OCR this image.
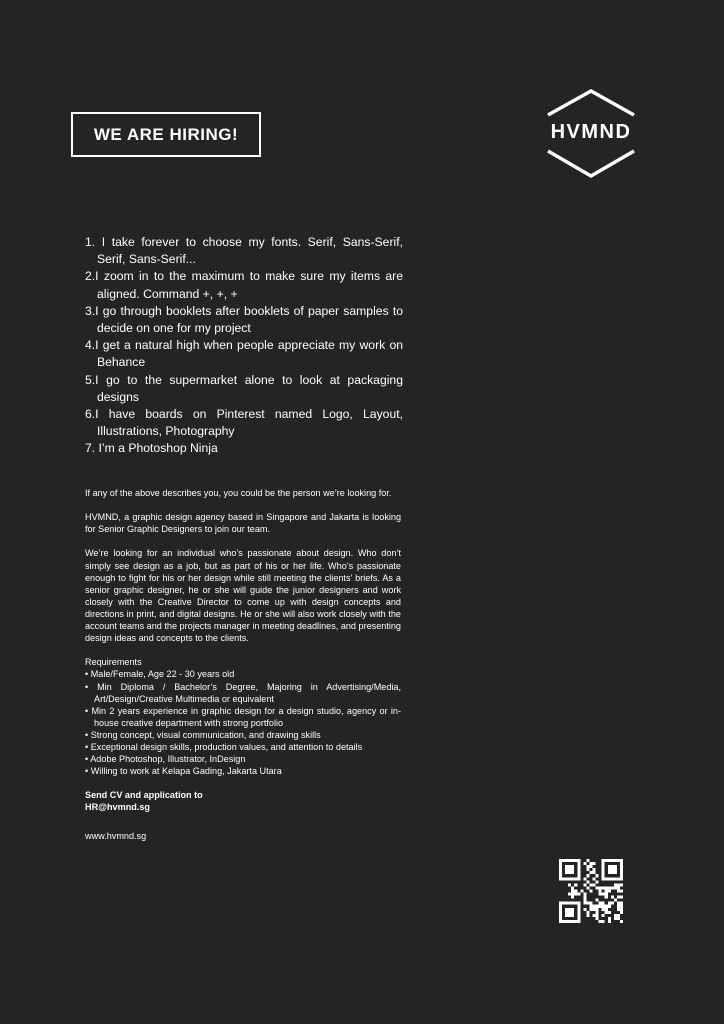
WE ARE HIRING!	HVMND
1. I take forever to choose my fonts. Serif, Sans-Serif, Serif, Sans-Serif...
2.I zoom in to the maximum to make sure my items are aligned. Command +, +, +
3.I go through booklets after booklets of paper samples to decide on one for my project
4.I get a natural high when people appreciate my work on Behance
5.I go to the supermarket alone to look at packaging designs
6.I have boards on Pinterest named Logo, Layout, Illustrations, Photography
7. I’m a Photoshop Ninja

If any of the above describes you, you could be the person we’re looking for.

HVMND, a graphic design agency based in Singapore and Jakarta is looking for Senior Graphic Designers to join our team.

We’re looking for an individual who’s passionate about design. Who don’t simply see design as a job, but as part of his or her life. Who’s passionate enough to fight for his or her design while still meeting the clients’ briefs. As a senior graphic designer, he or she will guide the junior designers and work closely with the Creative Director to come up with design concepts and directions in print, and digital designs. He or she will also work closely with the account teams and the projects manager in meeting deadlines, and presenting design ideas and concepts to the clients.

Requirements
• Male/Female, Age 22 - 30 years old
• Min Diploma / Bachelor’s Degree, Majoring in Advertising/Media, Art/Design/Creative Multimedia or equivalent
• Min 2 years experience in graphic design for a design studio, agency or in-house creative department with strong portfolio
• Strong concept, visual communication, and drawing skills
• Exceptional design skills, production values, and attention to details
• Adobe Photoshop, Illustrator, InDesign
• Willing to work at Kelapa Gading, Jakarta Utara
Send CV and application to
HR@hvmnd.sg
www.hvmnd.sg
